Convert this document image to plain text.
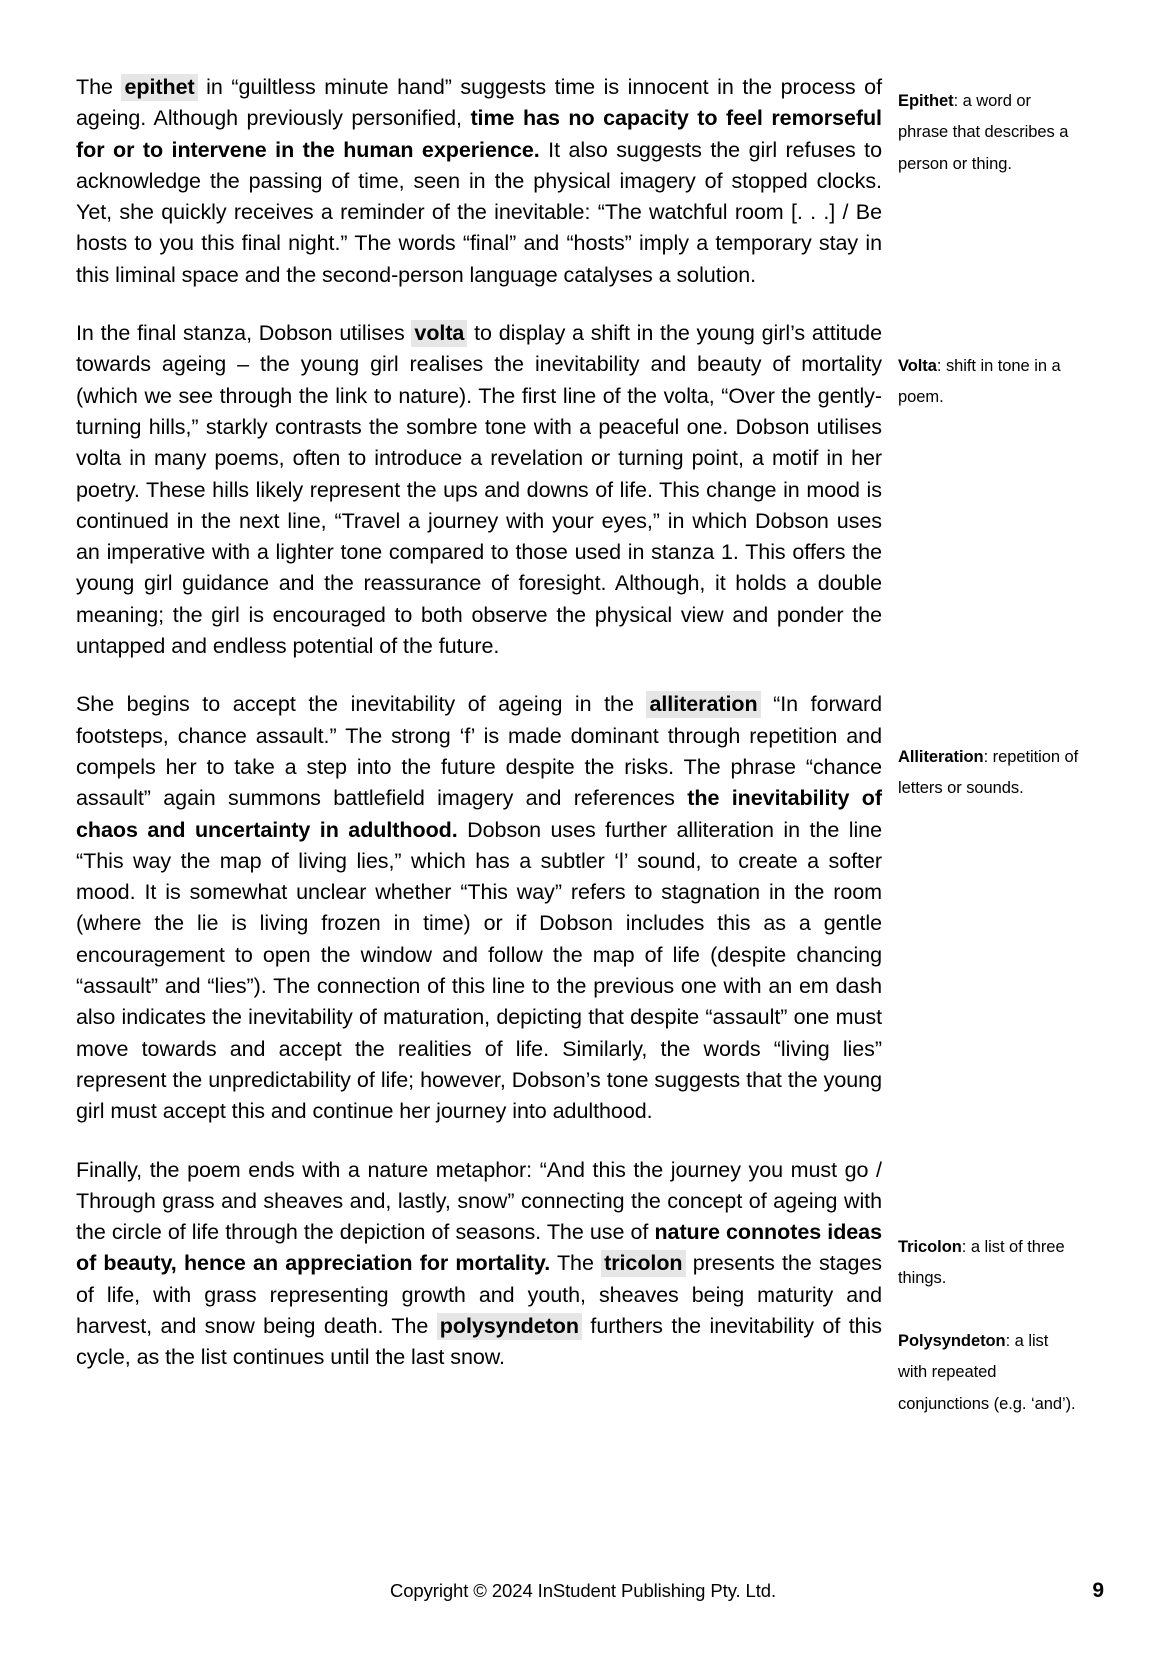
The epithet in “guiltless minute hand” suggests time is innocent in the process of ageing. Although previously personified, time has no capacity to feel remorseful for or to intervene in the human experience. It also suggests the girl refuses to acknowledge the passing of time, seen in the physical imagery of stopped clocks. Yet, she quickly receives a reminder of the inevitable: “The watchful room [. . .] / Be hosts to you this final night.” The words “final” and “hosts” imply a temporary stay in this liminal space and the second-person language catalyses a solution.

In the final stanza, Dobson utilises volta to display a shift in the young girl’s attitude towards ageing – the young girl realises the inevitability and beauty of mortality (which we see through the link to nature). The first line of the volta, “Over the gently-turning hills,” starkly contrasts the sombre tone with a peaceful one. Dobson utilises volta in many poems, often to introduce a revelation or turning point, a motif in her poetry. These hills likely represent the ups and downs of life. This change in mood is continued in the next line, “Travel a journey with your eyes,” in which Dobson uses an imperative with a lighter tone compared to those used in stanza 1. This offers the young girl guidance and the reassurance of foresight. Although, it holds a double meaning; the girl is encouraged to both observe the physical view and ponder the untapped and endless potential of the future.

She begins to accept the inevitability of ageing in the alliteration “In forward footsteps, chance assault.” The strong ‘f’ is made dominant through repetition and compels her to take a step into the future despite the risks. The phrase “chance assault” again summons battlefield imagery and references the inevitability of chaos and uncertainty in adulthood. Dobson uses further alliteration in the line “This way the map of living lies,” which has a subtler ‘l’ sound, to create a softer mood. It is somewhat unclear whether “This way” refers to stagnation in the room (where the lie is living frozen in time) or if Dobson includes this as a gentle encouragement to open the window and follow the map of life (despite chancing “assault” and “lies”). The connection of this line to the previous one with an em dash also indicates the inevitability of maturation, depicting that despite “assault” one must move towards and accept the realities of life. Similarly, the words “living lies” represent the unpredictability of life; however, Dobson’s tone suggests that the young girl must accept this and continue her journey into adulthood.

Finally, the poem ends with a nature metaphor: “And this the journey you must go / Through grass and sheaves and, lastly, snow” connecting the concept of ageing with the circle of life through the depiction of seasons. The use of nature connotes ideas of beauty, hence an appreciation for mortality. The tricolon presents the stages of life, with grass representing growth and youth, sheaves being maturity and harvest, and snow being death. The polysyndeton furthers the inevitability of this cycle, as the list continues until the last snow.

Epithet: a word or phrase that describes a person or thing.
Volta: shift in tone in a poem.
Alliteration: repetition of letters or sounds.
Tricolon: a list of three things.
Polysyndeton: a list with repeated conjunctions (e.g. ‘and’).
Copyright © 2024 InStudent Publishing Pty. Ltd.	9
